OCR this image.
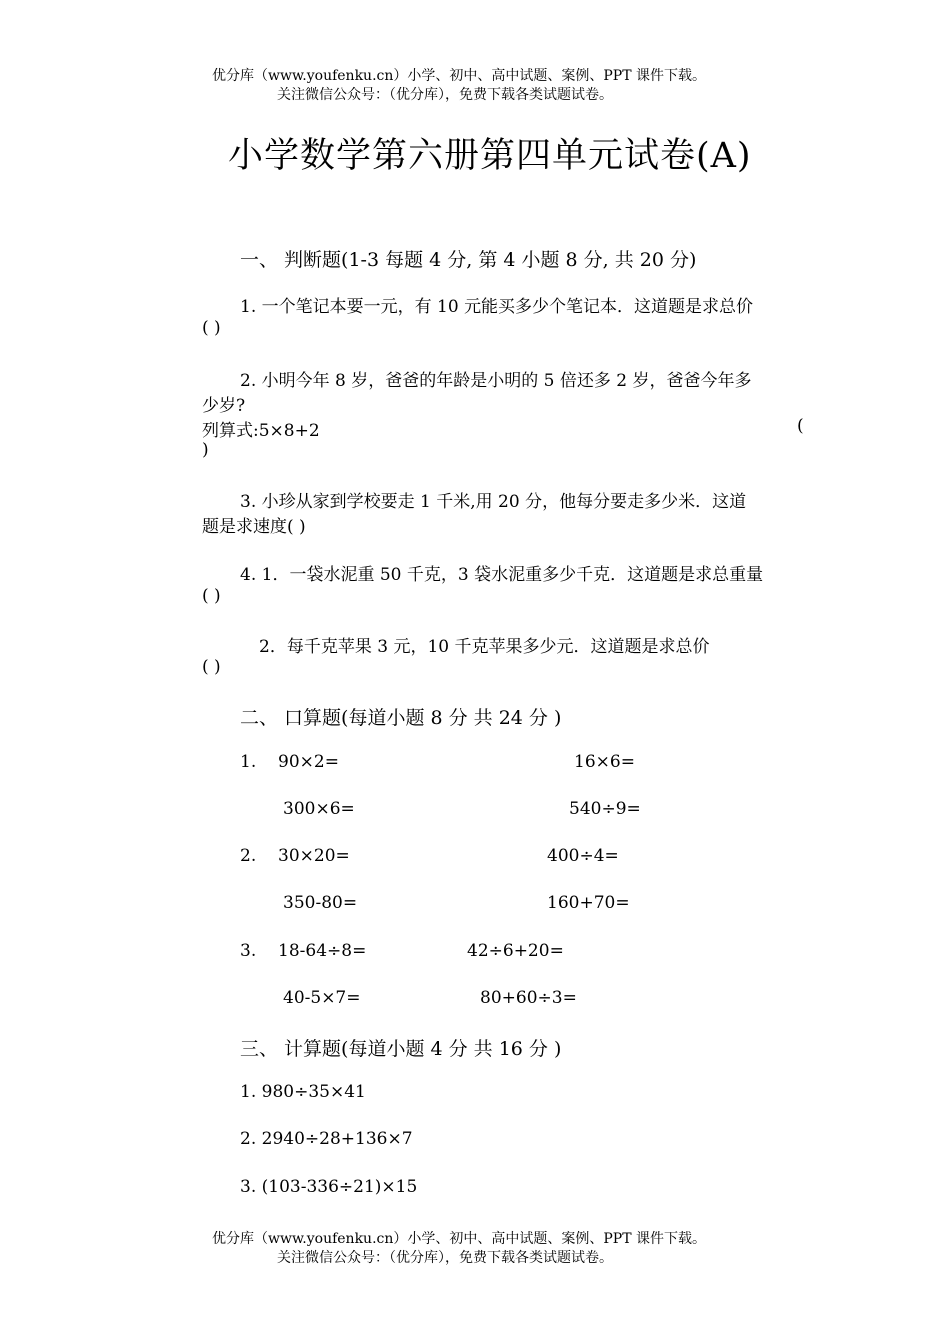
优分库（www.youfenku.cn）小学、初中、高中试题、案例、PPT 课件下载。
关注微信公众号：（优分库），免费下载各类试题试卷。
小学数学第六册第四单元试卷(A)
一、 判断题(1-3 每题 4 分, 第 4 小题 8 分, 共 20 分)
1. 一个笔记本要一元，有 10 元能买多少个笔记本．这道题是求总价
( )
2. 小明今年 8 岁，爸爸的年龄是小明的 5 倍还多 2 岁，爸爸今年多
少岁?
列算式:5×8+2	(
)
3. 小珍从家到学校要走 1 千米,用 20 分，他每分要走多少米．这道
题是求速度( )
4. 1．一袋水泥重 50 千克，3 袋水泥重多少千克．这道题是求总重量
( )
2．每千克苹果 3 元，10 千克苹果多少元．这道题是求总价
( )
二、 口算题(每道小题 8 分 共 24 分 )
1. 90×2=	16×6=
300×6=	540÷9=
2. 30×20=	400÷4=
350-80=	160+70=
3. 18-64÷8=	42÷6+20=
40-5×7=	80+60÷3=
三、 计算题(每道小题 4 分 共 16 分 )
1. 980÷35×41
2. 2940÷28+136×7
3. (103-336÷21)×15
优分库（www.youfenku.cn）小学、初中、高中试题、案例、PPT 课件下载。
关注微信公众号：（优分库），免费下载各类试题试卷。
